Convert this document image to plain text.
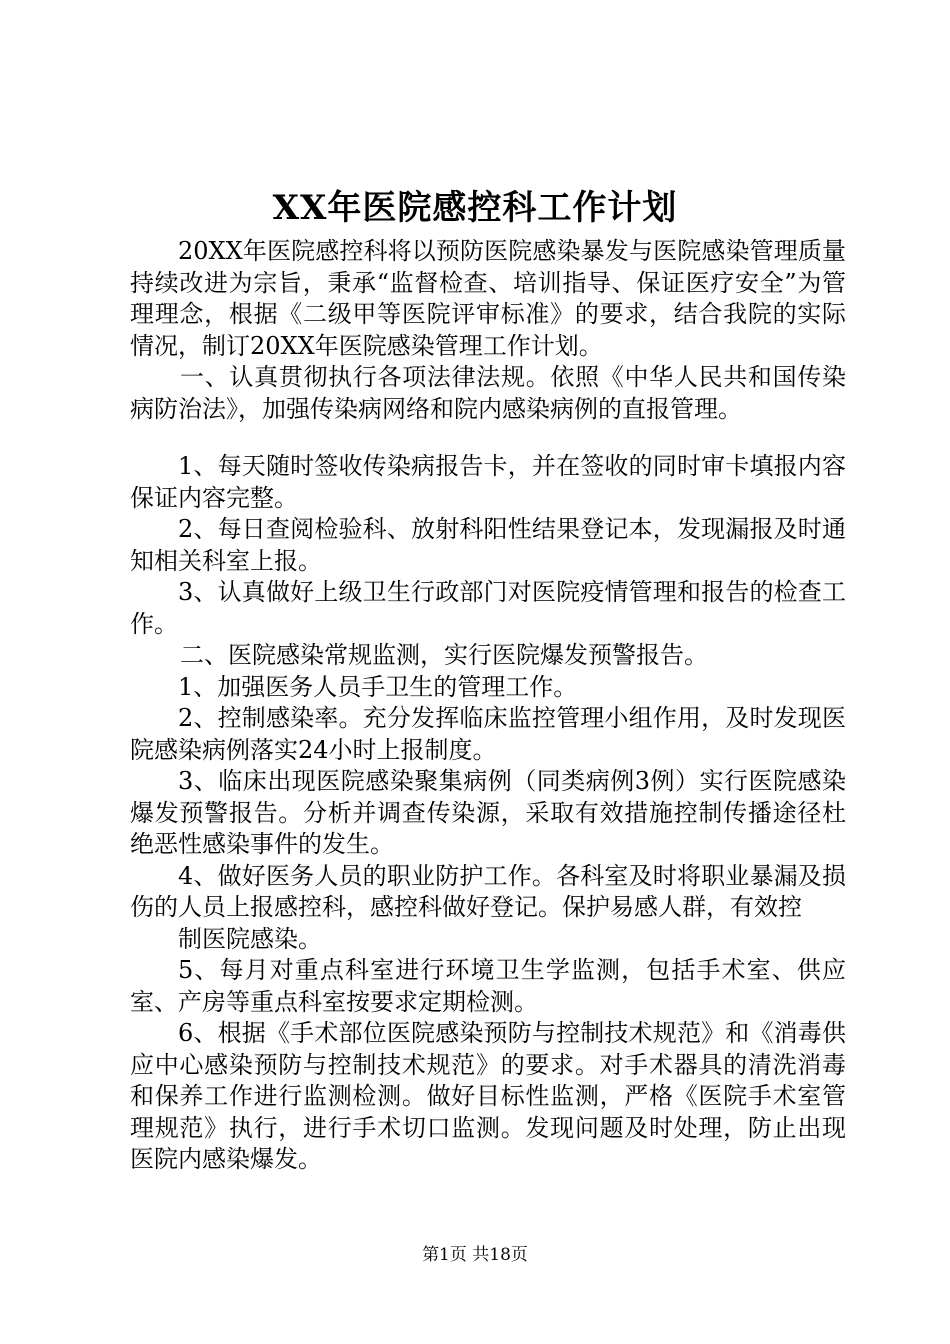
XX年医院感控科工作计划

20XX年医院感控科将以预防医院感染暴发与医院感染管理质量持续改进为宗旨，秉承“监督检查、培训指导、保证医疗安全”为管理理念，根据《二级甲等医院评审标准》的要求，结合我院的实际情况，制订20XX年医院感染管理工作计划。

一、认真贯彻执行各项法律法规。依照《中华人民共和国传染病防治法》，加强传染病网络和院内感染病例的直报管理。

1、每天随时签收传染病报告卡，并在签收的同时审卡填报内容保证内容完整。

2、每日查阅检验科、放射科阳性结果登记本，发现漏报及时通知相关科室上报。

3、认真做好上级卫生行政部门对医院疫情管理和报告的检查工作。

二、医院感染常规监测，实行医院爆发预警报告。

1、加强医务人员手卫生的管理工作。

2、控制感染率。充分发挥临床监控管理小组作用，及时发现医院感染病例落实24小时上报制度。

3、临床出现医院感染聚集病例（同类病例3例）实行医院感染爆发预警报告。分析并调查传染源，采取有效措施控制传播途径杜绝恶性感染事件的发生。

4、做好医务人员的职业防护工作。各科室及时将职业暴漏及损伤的人员上报感控科，感控科做好登记。保护易感人群，有效控

制医院感染。

5、每月对重点科室进行环境卫生学监测，包括手术室、供应室、产房等重点科室按要求定期检测。

6、根据《手术部位医院感染预防与控制技术规范》和《消毒供应中心感染预防与控制技术规范》的要求。对手术器具的清洗消毒和保养工作进行监测检测。做好目标性监测，严格《医院手术室管理规范》执行，进行手术切口监测。发现问题及时处理，防止出现医院内感染爆发。

第1页 共18页
